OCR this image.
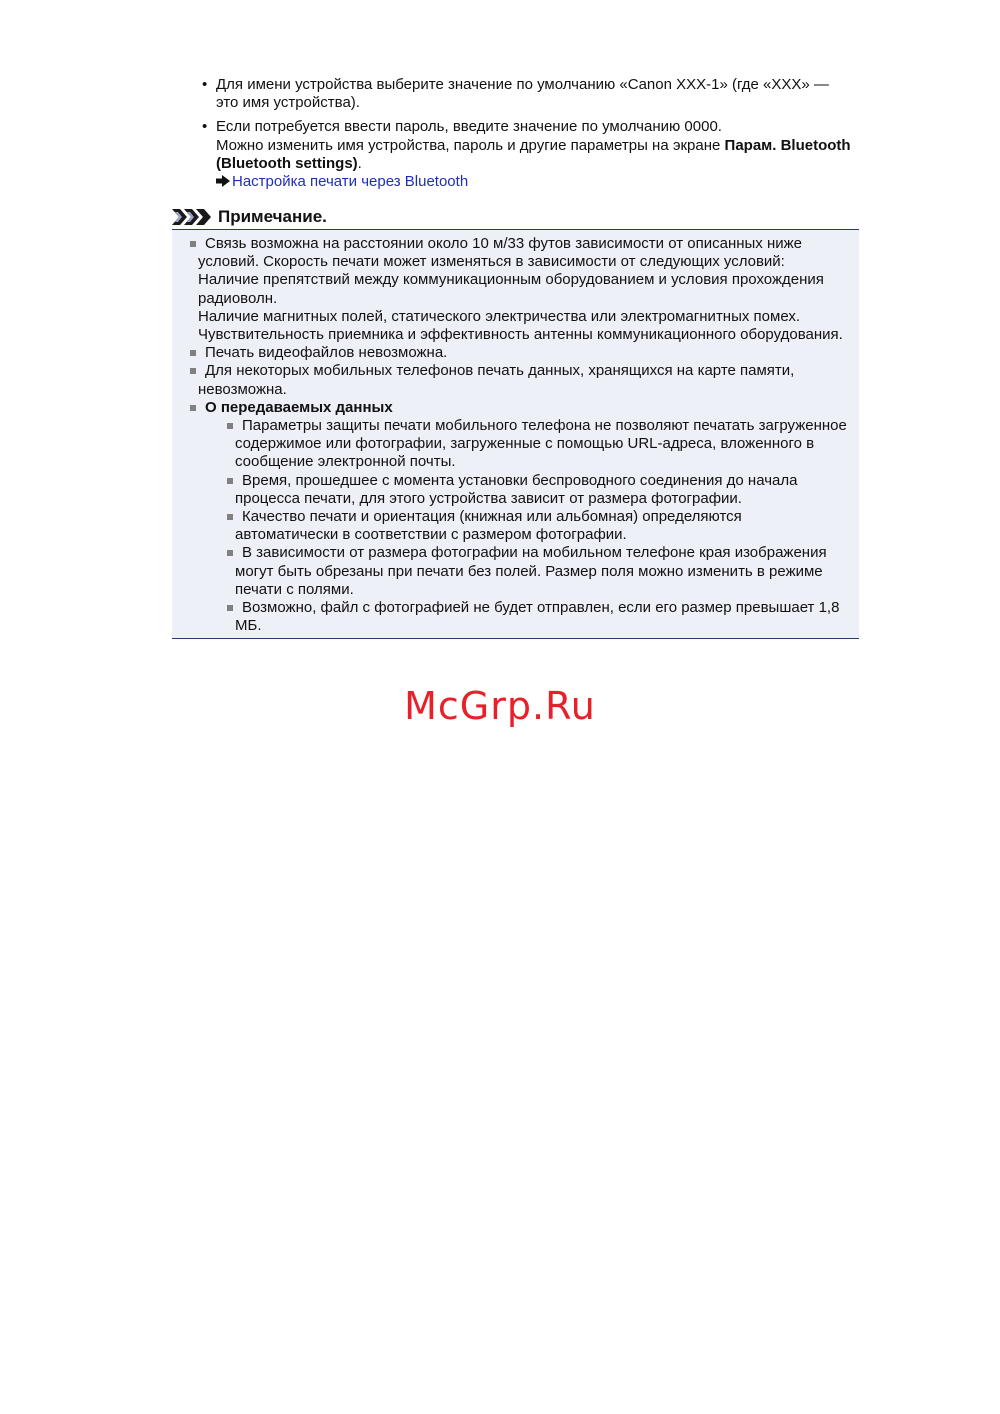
• Для имени устройства выберите значение по умолчанию «Canon XXX-1» (где «XXX» —
это имя устройства).
• Если потребуется ввести пароль, введите значение по умолчанию 0000.
Можно изменить имя устройства, пароль и другие параметры на экране Парам. Bluetooth
(Bluetooth settings).
Настройка печати через Bluetooth
Примечание.
Связь возможна на расстоянии около 10 м/33 футов зависимости от описанных ниже
условий. Скорость печати может изменяться в зависимости от следующих условий:
Наличие препятствий между коммуникационным оборудованием и условия прохождения
радиоволн.
Наличие магнитных полей, статического электричества или электромагнитных помех.
Чувствительность приемника и эффективность антенны коммуникационного оборудования.
Печать видеофайлов невозможна.
Для некоторых мобильных телефонов печать данных, хранящихся на карте памяти,
невозможна.
О передаваемых данных
Параметры защиты печати мобильного телефона не позволяют печатать загруженное
содержимое или фотографии, загруженные с помощью URL-адреса, вложенного в
сообщение электронной почты.
Время, прошедшее с момента установки беспроводного соединения до начала
процесса печати, для этого устройства зависит от размера фотографии.
Качество печати и ориентация (книжная или альбомная) определяются
автоматически в соответствии с размером фотографии.
В зависимости от размера фотографии на мобильном телефоне края изображения
могут быть обрезаны при печати без полей. Размер поля можно изменить в режиме
печати с полями.
Возможно, файл с фотографией не будет отправлен, если его размер превышает 1,8
МБ.
McGrp.Ru
